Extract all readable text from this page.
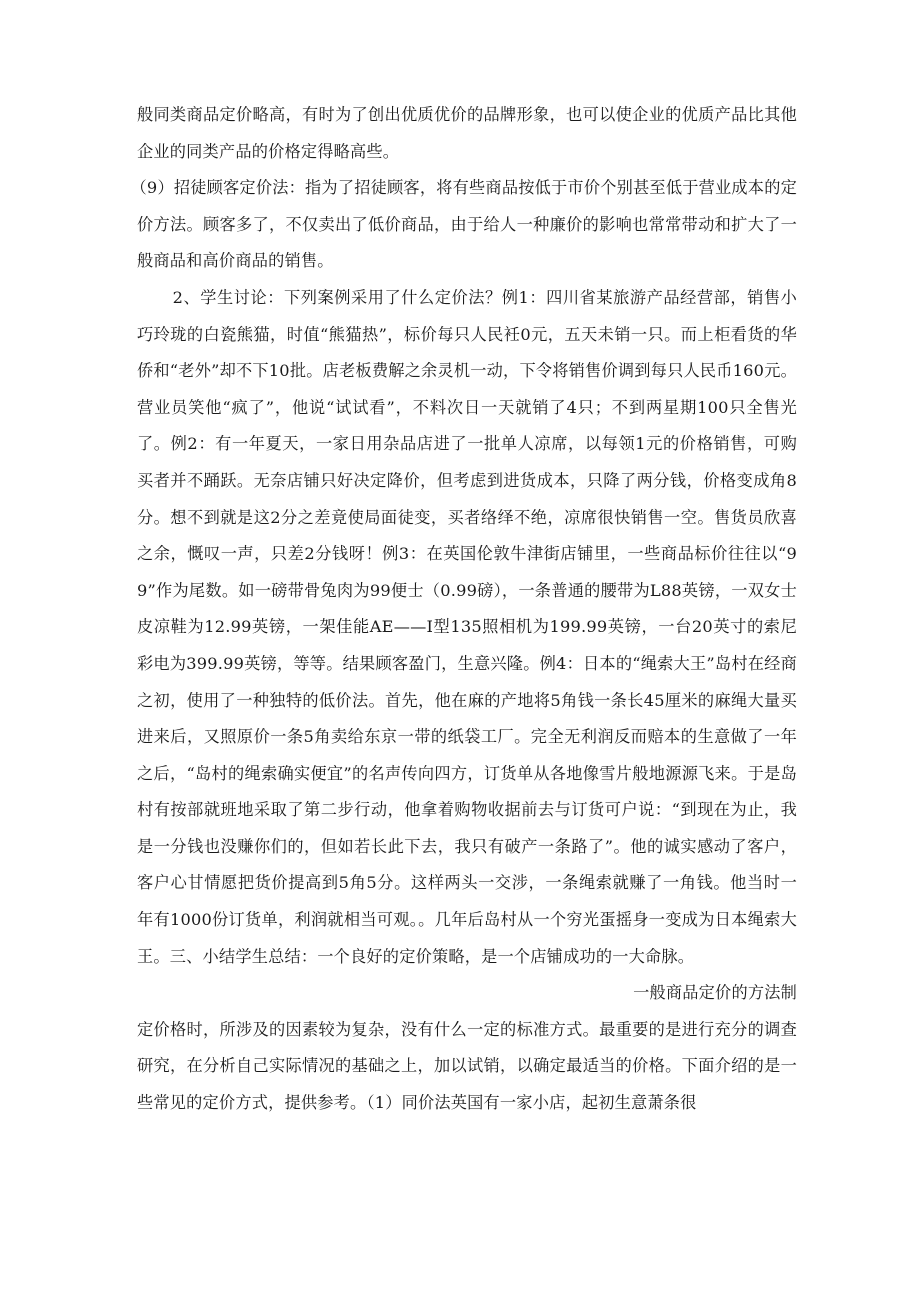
般同类商品定价略高，有时为了创出优质优价的品牌形象，也可以使企业的优质产品比其他企业的同类产品的价格定得略高些。

（9）招徒顾客定价法：指为了招徒顾客，将有些商品按低于市价个别甚至低于营业成本的定价方法。顾客多了，不仅卖出了低价商品，由于给人一种廉价的影响也常常带动和扩大了一般商品和高价商品的销售。

2、学生讨论：下列案例采用了什么定价法？例1：四川省某旅游产品经营部，销售小巧玲珑的白瓷熊猫，时值“熊猫热”，标价每只人民衽0元，五天未销一只。而上柜看货的华侨和“老外”却不下10批。店老板费解之余灵机一动，下令将销售价调到每只人民币160元。营业员笑他“疯了”，他说“试试看”，不料次日一天就销了4只；不到两星期100只全售光了。例2：有一年夏天，一家日用杂品店进了一批单人凉席，以每领1元的价格销售，可购买者并不踊跃。无奈店铺只好决定降价，但考虑到进货成本，只降了两分钱，价格变成角8分。想不到就是这2分之差竟使局面徒变，买者络绎不绝，凉席很快销售一空。售货员欣喜之余，慨叹一声，只差2分钱呀！例3：在英国伦敦牛津街店铺里，一些商品标价往往以“99”作为尾数。如一磅带骨兔肉为99便士（0.99磅），一条普通的腰带为L88英镑，一双女士皮凉鞋为12.99英镑，一架佳能AE——I型135照相机为199.99英镑，一台20英寸的索尼彩电为399.99英镑，等等。结果顾客盈门，生意兴隆。例4：日本的“绳索大王”岛村在经商之初，使用了一种独特的低价法。首先，他在麻的产地将5角钱一条长45厘米的麻绳大量买进来后，又照原价一条5角卖给东京一带的纸袋工厂。完全无利润反而赔本的生意做了一年之后，“岛村的绳索确实便宜”的名声传向四方，订货单从各地像雪片般地源源飞来。于是岛村有按部就班地采取了第二步行动，他拿着购物收据前去与订货可户说：“到现在为止，我是一分钱也没赚你们的，但如若长此下去，我只有破产一条路了”。他的诚实感动了客户，客户心甘情愿把货价提高到5角5分。这样两头一交涉，一条绳索就赚了一角钱。他当时一年有1000份订货单，利润就相当可观。。几年后岛村从一个穷光蛋摇身一变成为日本绳索大王。三、小结学生总结：一个良好的定价策略，是一个店铺成功的一大命脉。

一般商品定价的方法制

定价格时，所涉及的因素较为复杂，没有什么一定的标准方式。最重要的是进行充分的调查研究，在分析自己实际情况的基础之上，加以试销，以确定最适当的价格。下面介绍的是一些常见的定价方式，提供参考。（1）同价法英国有一家小店，起初生意萧条很
